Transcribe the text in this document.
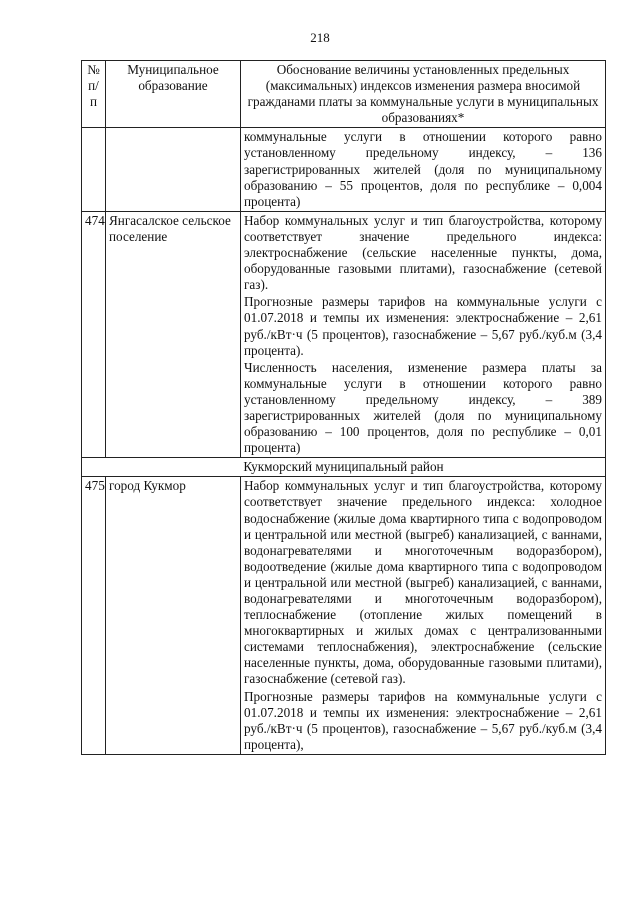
218
№ п/п	Муниципальное образование	Обоснование величины установленных предельных (максимальных) индексов изменения размера вносимой гражданами платы за коммунальные услуги в муниципальных образованиях*

		коммунальные услуги в отношении которого равно установленному предельному индексу, – 136 зарегистрированных жителей (доля по муниципальному образованию – 55 процентов, доля по республике – 0,004 процента)

474	Янгасалское сельское поселение	Набор коммунальных услуг и тип благоустройства, которому соответствует значение предельного индекса: электроснабжение (сельские населенные пункты, дома, оборудованные газовыми плитами), газоснабжение (сетевой газ).

Прогнозные размеры тарифов на коммунальные услуги с 01.07.2018 и темпы их изменения: электроснабжение – 2,61 руб./кВт·ч (5 процентов), газоснабжение – 5,67 руб./куб.м (3,4 процента).

Численность населения, изменение размера платы за коммунальные услуги в отношении которого равно установленному предельному индексу, – 389 зарегистрированных жителей (доля по муниципальному образованию – 100 процентов, доля по республике – 0,01 процента)

Кукморский муниципальный район		
475	город Кукмор	Набор коммунальных услуг и тип благоустройства, которому соответствует значение предельного индекса: холодное водоснабжение (жилые дома квартирного типа с водопроводом и центральной или местной (выгреб) канализацией, с ваннами, водонагревателями и многоточечным водоразбором), водоотведение (жилые дома квартирного типа с водопроводом и центральной или местной (выгреб) канализацией, с ваннами, водонагревателями и многоточечным водоразбором), теплоснабжение (отопление жилых помещений в многоквартирных и жилых домах с централизованными системами теплоснабжения), электроснабжение (сельские населенные пункты, дома, оборудованные газовыми плитами), газоснабжение (сетевой газ).

Прогнозные размеры тарифов на коммунальные услуги с 01.07.2018 и темпы их изменения: электроснабжение – 2,61 руб./кВт·ч (5 процентов), газоснабжение – 5,67 руб./куб.м (3,4 процента),
